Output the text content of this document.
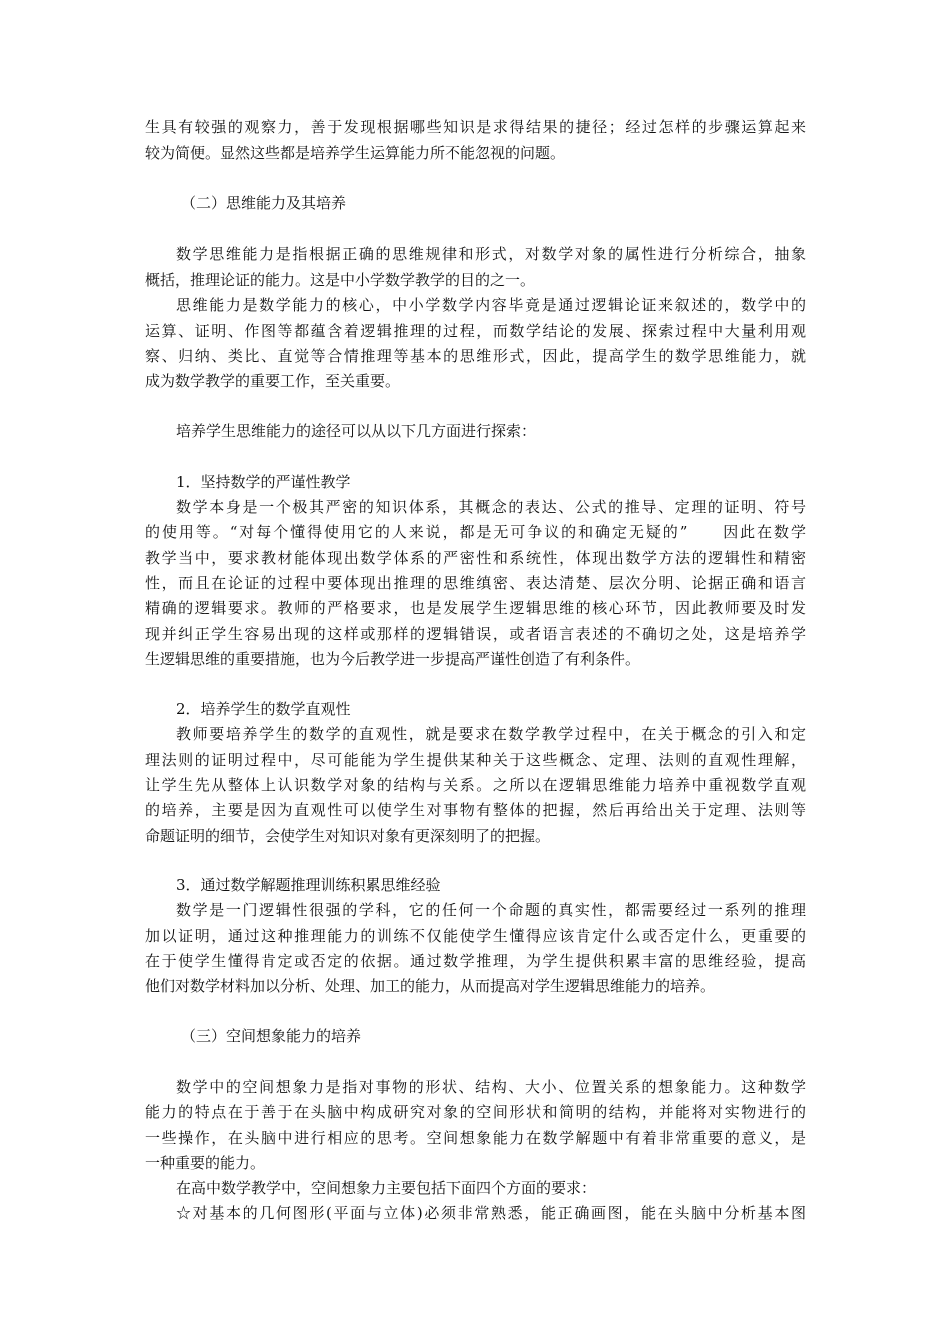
生具有较强的观察力，善于发现根据哪些知识是求得结果的捷径；经过怎样的步骤运算起来
较为简便。显然这些都是培养学生运算能力所不能忽视的问题。
（二）思维能力及其培养
数学思维能力是指根据正确的思维规律和形式，对数学对象的属性进行分析综合，抽象
概括，推理论证的能力。这是中小学数学教学的目的之一。
思维能力是数学能力的核心，中小学数学内容毕竟是通过逻辑论证来叙述的，数学中的
运算、证明、作图等都蕴含着逻辑推理的过程，而数学结论的发展、探索过程中大量利用观
察、归纳、类比、直觉等合情推理等基本的思维形式，因此，提高学生的数学思维能力，就
成为数学教学的重要工作，至关重要。
培养学生思维能力的途径可以从以下几方面进行探索：
1．坚持数学的严谨性教学
数学本身是一个极其严密的知识体系，其概念的表达、公式的推导、定理的证明、符号
的使用等。“对每个懂得使用它的人来说，都是无可争议的和确定无疑的”　　因此在数学
教学当中，要求教材能体现出数学体系的严密性和系统性，体现出数学方法的逻辑性和精密
性，而且在论证的过程中要体现出推理的思维缜密、表达清楚、层次分明、论据正确和语言
精确的逻辑要求。教师的严格要求，也是发展学生逻辑思维的核心环节，因此教师要及时发
现并纠正学生容易出现的这样或那样的逻辑错误，或者语言表述的不确切之处，这是培养学
生逻辑思维的重要措施，也为今后教学进一步提高严谨性创造了有利条件。
2．培养学生的数学直观性
教师要培养学生的数学的直观性，就是要求在数学教学过程中，在关于概念的引入和定
理法则的证明过程中，尽可能能为学生提供某种关于这些概念、定理、法则的直观性理解，
让学生先从整体上认识数学对象的结构与关系。之所以在逻辑思维能力培养中重视数学直观
的培养，主要是因为直观性可以使学生对事物有整体的把握，然后再给出关于定理、法则等
命题证明的细节，会使学生对知识对象有更深刻明了的把握。
3．通过数学解题推理训练积累思维经验
数学是一门逻辑性很强的学科，它的任何一个命题的真实性，都需要经过一系列的推理
加以证明，通过这种推理能力的训练不仅能使学生懂得应该肯定什么或否定什么，更重要的
在于使学生懂得肯定或否定的依据。通过数学推理，为学生提供积累丰富的思维经验，提高
他们对数学材料加以分析、处理、加工的能力，从而提高对学生逻辑思维能力的培养。
（三）空间想象能力的培养
数学中的空间想象力是指对事物的形状、结构、大小、位置关系的想象能力。这种数学
能力的特点在于善于在头脑中构成研究对象的空间形状和简明的结构，并能将对实物进行的
一些操作，在头脑中进行相应的思考。空间想象能力在数学解题中有着非常重要的意义，是
一种重要的能力。
在高中数学教学中，空间想象力主要包括下面四个方面的要求：
☆对基本的几何图形(平面与立体)必须非常熟悉，能正确画图，能在头脑中分析基本图
